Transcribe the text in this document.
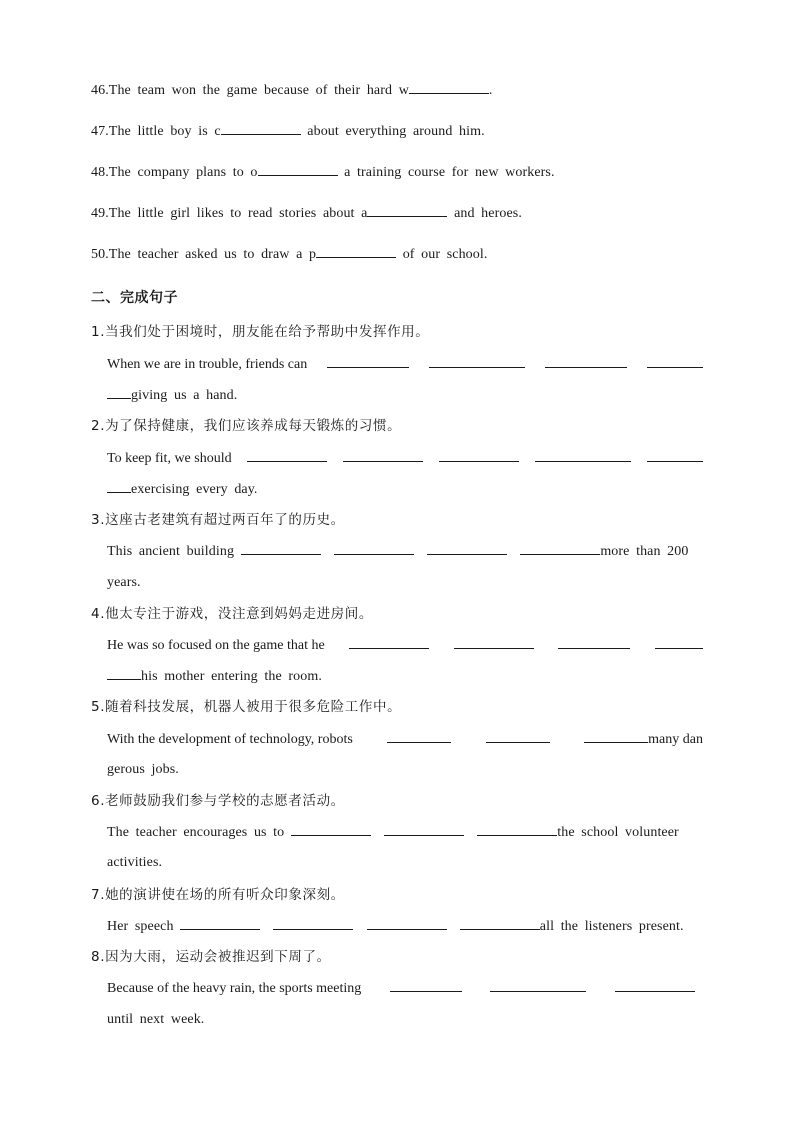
46.The team won the game because of their hard w	.
47.The little boy is c	about everything around him.
48.The company plans to o	a training course for new workers.
49.The little girl likes to read stories about a	and heroes.
50.The teacher asked us to draw a p	of our school.
二、完成句子
1.当我们处于困境时，朋友能在给予帮助中发挥作用。
When we are in trouble, friends can
giving us a hand.
2.为了保持健康，我们应该养成每天锻炼的习惯。
To keep fit, we should
exercising every day.
3.这座古老建筑有超过两百年了的历史。
This ancient building	more than 200
years.
4.他太专注于游戏，没注意到妈妈走进房间。
He was so focused on the game that he
his mother entering the room.
5.随着科技发展，机器人被用于很多危险工作中。
With the development of technology, robots	many dan
gerous jobs.
6.老师鼓励我们参与学校的志愿者活动。
The teacher encourages us to	the school volunteer
activities.
7.她的演讲使在场的所有听众印象深刻。
Her speech	all the listeners present.
8.因为大雨，运动会被推迟到下周了。
Because of the heavy rain, the sports meeting
until next week.
